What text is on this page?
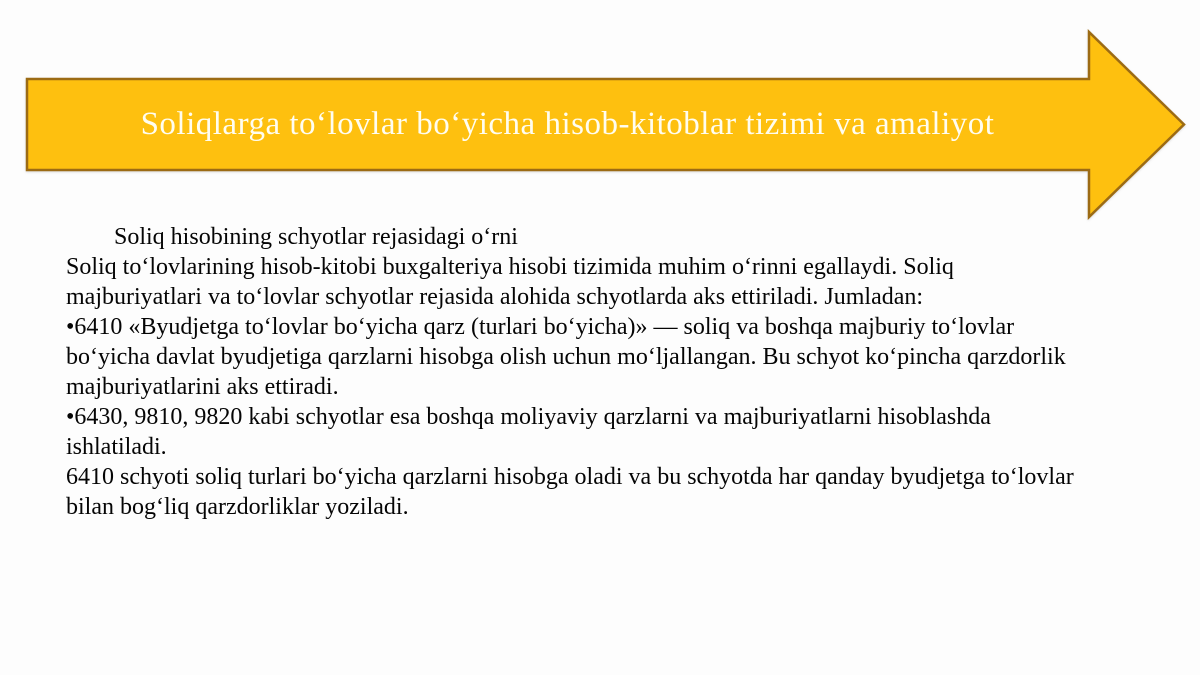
Soliqlarga toʻlovlar boʻyicha hisob-kitoblar tizimi va amaliyot
Soliq hisobining schyotlar rejasidagi oʻrni
Soliq toʻlovlarining hisob-kitobi buxgalteriya hisobi tizimida muhim oʻrinni egallaydi. Soliq
majburiyatlari va toʻlovlar schyotlar rejasida alohida schyotlarda aks ettiriladi. Jumladan:
•6410 «Byudjetga toʻlovlar boʻyicha qarz (turlari boʻyicha)» — soliq va boshqa majburiy toʻlovlar
boʻyicha davlat byudjetiga qarzlarni hisobga olish uchun moʻljallangan. Bu schyot koʻpincha qarzdorlik
majburiyatlarini aks ettiradi.
•6430, 9810, 9820 kabi schyotlar esa boshqa moliyaviy qarzlarni va majburiyatlarni hisoblashda
ishlatiladi.
6410 schyoti soliq turlari boʻyicha qarzlarni hisobga oladi va bu schyotda har qanday byudjetga toʻlovlar
bilan bogʻliq qarzdorliklar yoziladi.
